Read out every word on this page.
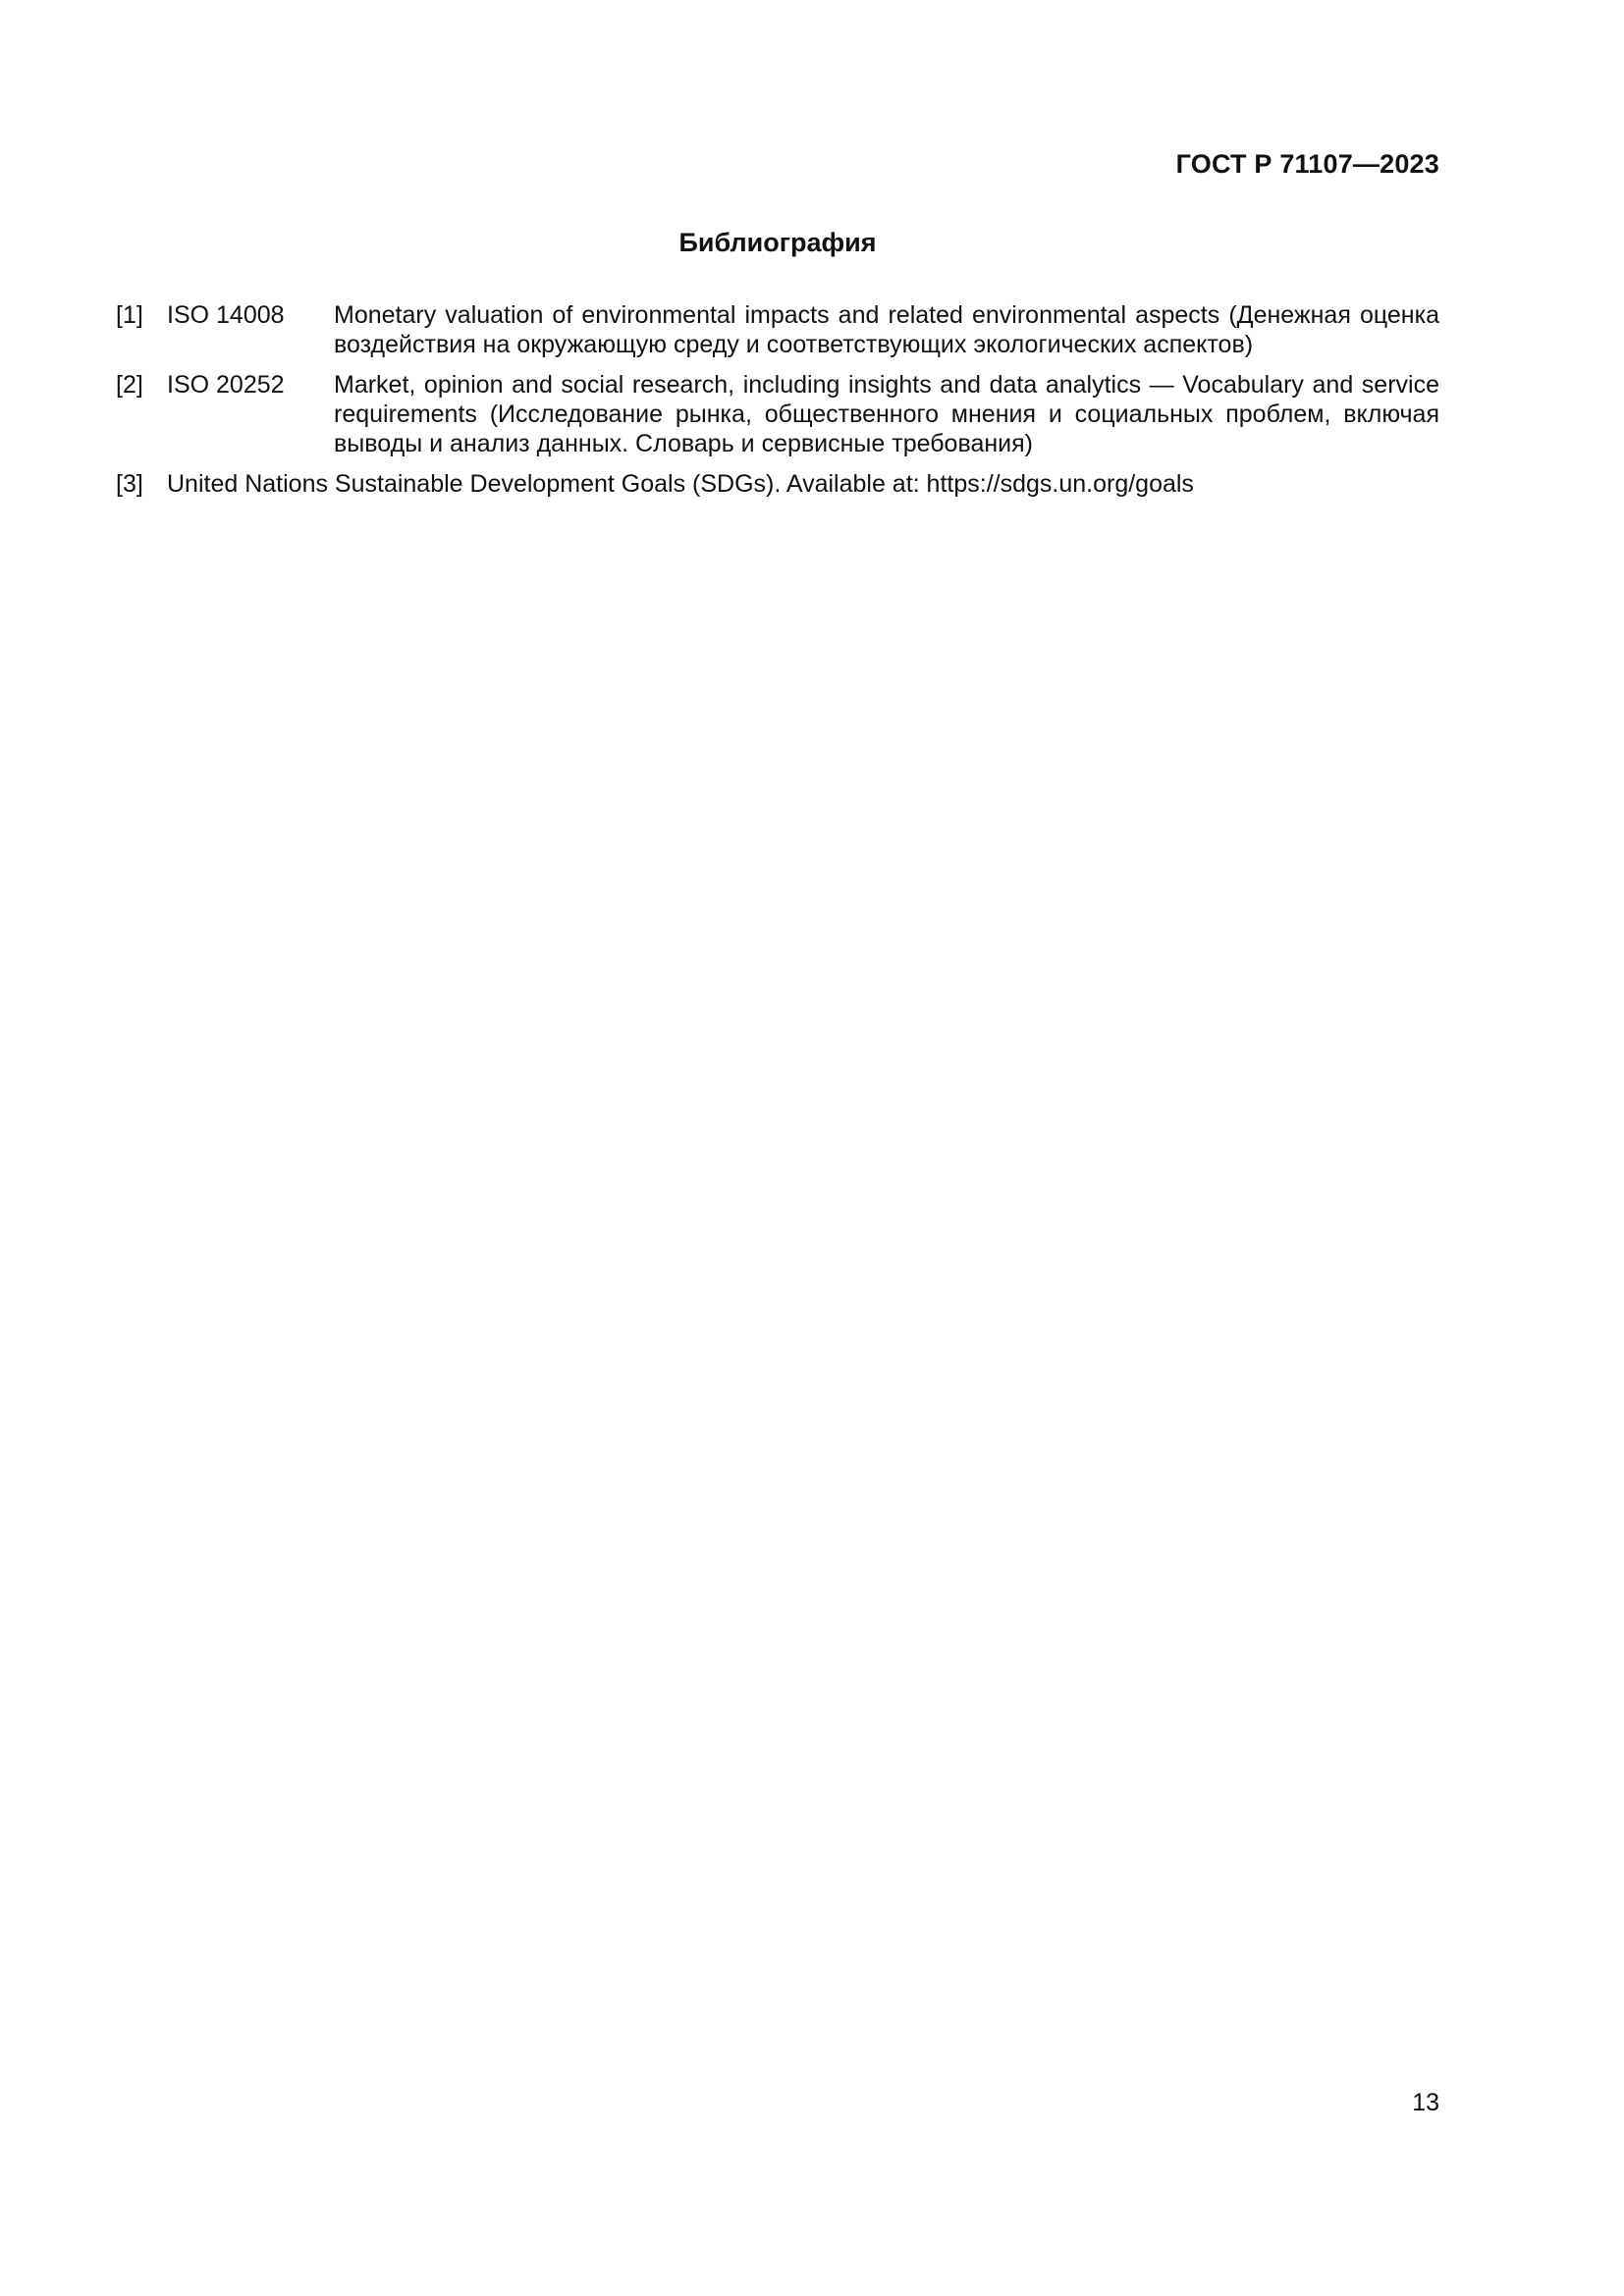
ГОСТ Р 71107—2023
Библиография
[1] ISO 14008	Monetary valuation of environmental impacts and related environmental aspects (Денежная оценка воздействия на окружающую среду и соответствующих экологических аспектов)
[2] ISO 20252	Market, opinion and social research, including insights and data analytics — Vocabulary and service requirements (Исследование рынка, общественного мнения и социальных проблем, включая выводы и анализ данных. Словарь и сервисные требования)
[3] United Nations Sustainable Development Goals (SDGs). Available at: https://sdgs.un.org/goals
13
